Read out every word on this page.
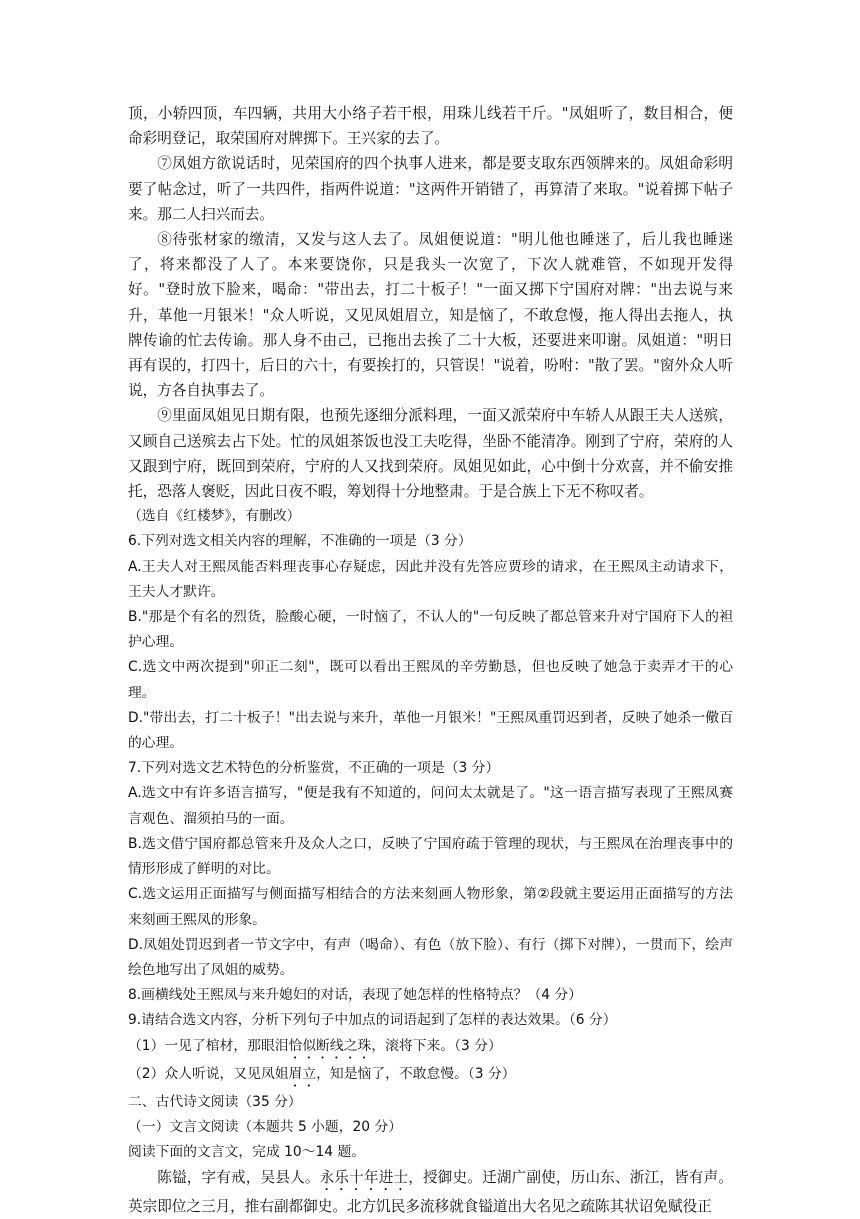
顶，小轿四顶，车四辆，共用大小络子若干根，用珠儿线若干斤。"凤姐听了，数目相合，便命彩明登记，取荣国府对牌掷下。王兴家的去了。

⑦凤姐方欲说话时，见荣国府的四个执事人进来，都是要支取东西领牌来的。凤姐命彩明要了帖念过，听了一共四件，指两件说道："这两件开销错了，再算清了来取。"说着掷下帖子来。那二人扫兴而去。

⑧待张材家的缴清，又发与这人去了。凤姐便说道："明儿他也睡迷了，后儿我也睡迷了，将来都没了人了。本来要饶你，只是我头一次宽了，下次人就难管，不如现开发得好。"登时放下脸来，喝命："带出去，打二十板子！"一面又掷下宁国府对牌："出去说与来升，革他一月银米！"众人听说，又见凤姐眉立，知是恼了，不敢怠慢，拖人得出去拖人，执牌传谕的忙去传谕。那人身不由己，已拖出去挨了二十大板，还要进来叩谢。凤姐道："明日再有误的，打四十，后日的六十，有要挨打的，只管误！"说着，吩咐："散了罢。"窗外众人听说，方各自执事去了。

⑨里面凤姐见日期有限，也预先逐细分派料理，一面又派荣府中车轿人从跟王夫人送殡，又顾自己送殡去占下处。忙的凤姐茶饭也没工夫吃得，坐卧不能清净。刚到了宁府，荣府的人又跟到宁府，既回到荣府，宁府的人又找到荣府。凤姐见如此，心中倒十分欢喜，并不偷安推托，恐落人褒贬，因此日夜不暇，筹划得十分地整肃。于是合族上下无不称叹者。

（选自《红楼梦》，有删改）

6.下列对选文相关内容的理解，不准确的一项是（3 分）

A.王夫人对王熙凤能否料理丧事心存疑虑，因此并没有先答应贾珍的请求，在王熙凤主动请求下，王夫人才默许。

B."那是个有名的烈货，脸酸心硬，一时恼了，不认人的"一句反映了都总管来升对宁国府下人的袒护心理。

C.选文中两次提到"卯正二刻"，既可以看出王熙凤的辛劳勤恳，但也反映了她急于卖弄才干的心理。

D."带出去，打二十板子！"出去说与来升，革他一月银米！"王熙凤重罚迟到者，反映了她杀一儆百的心理。

7.下列对选文艺术特色的分析鉴赏，不正确的一项是（3 分）

A.选文中有许多语言描写，"便是我有不知道的，问问太太就是了。"这一语言描写表现了王熙凤赛言观色、溜须拍马的一面。

B.选文借宁国府都总管来升及众人之口，反映了宁国府疏于管理的现状，与王熙凤在治理丧事中的情形形成了鲜明的对比。

C.选文运用正面描写与侧面描写相结合的方法来刻画人物形象，第②段就主要运用正面描写的方法来刻画王熙凤的形象。

D.凤姐处罚迟到者一节文字中，有声（喝命）、有色（放下脸）、有行（掷下对牌），一贯而下，绘声绘色地写出了凤姐的威势。

8.画横线处王熙凤与来升媳妇的对话，表现了她怎样的性格特点？（4 分）

9.请结合选文内容，分析下列句子中加点的词语起到了怎样的表达效果。（6 分）

（1）一见了棺材，那眼泪恰似断线之珠，滚将下来。（3 分）

（2）众人听说，又见凤姐眉立，知是恼了，不敢怠慢。（3 分）

二、古代诗文阅读（35 分）

（一）文言文阅读（本题共 5 小题，20 分）

阅读下面的文言文，完成 10～14 题。

陈镒，字有戒，吴县人。永乐十年进士，授御史。迁湖广副使，历山东、浙江，皆有声。英宗即位之三月，推右副都御史。北方饥民多流移就食镒道出大名见之疏陈其状诏免赋役正
